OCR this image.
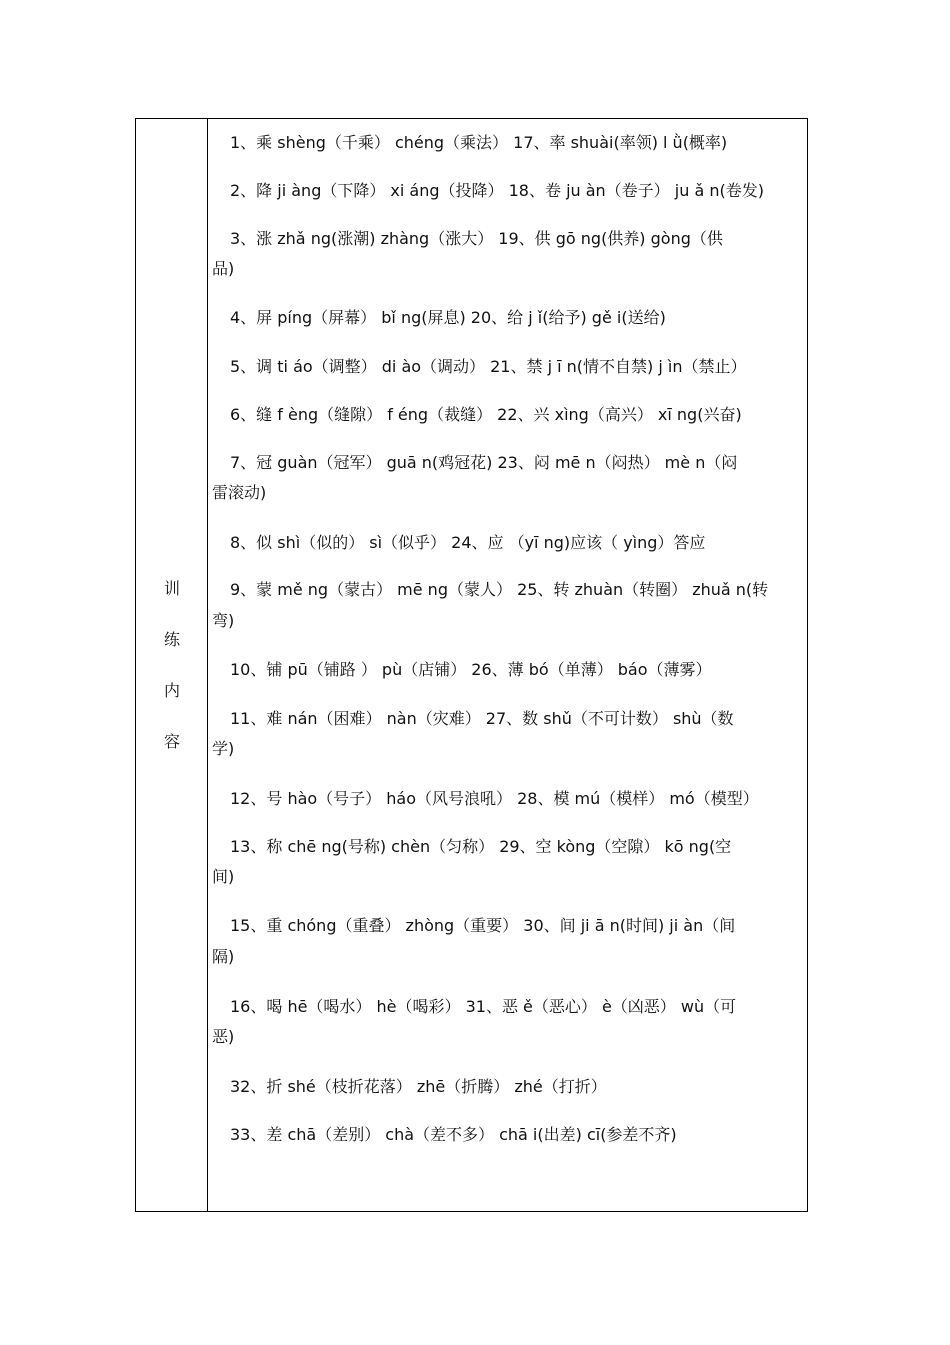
训
练
内
容
1、乘 shèng（千乘） chéng（乘法） 17、率 shuài(率领) l ǜ(概率)
2、降 ji àng（下降） xi áng（投降） 18、卷 ju àn（卷子） ju ǎ n(卷发)
3、涨 zhǎ ng(涨潮) zhàng（涨大） 19、供 gō ng(供养) gòng（供
品)
4、屏 píng（屏幕） bǐ ng(屏息) 20、给 j ǐ(给予) gě i(送给)
5、调 ti áo（调整） di ào（调动） 21、禁 j ī n(情不自禁) j ìn（禁止）
6、缝 f èng（缝隙） f éng（裁缝） 22、兴 xìng（高兴） xī ng(兴奋)
7、冠 guàn（冠军） guā n(鸡冠花) 23、闷 mē n（闷热） mè n（闷
雷滚动)
8、似 shì（似的） sì（似乎） 24、应 （yī ng)应该（ yìng）答应
9、蒙 mě ng（蒙古） mē ng（蒙人） 25、转 zhuàn（转圈） zhuǎ n(转
弯)
10、铺 pū（铺路 ） pù（店铺） 26、薄 bó（单薄） báo（薄雾）
11、难 nán（困难） nàn（灾难） 27、数 shǔ（不可计数） shù（数
学)
12、号 hào（号子） háo（风号浪吼） 28、模 mú（模样） mó（模型）
13、称 chē ng(号称) chèn（匀称） 29、空 kòng（空隙） kō ng(空
间)
15、重 chóng（重叠） zhòng（重要） 30、间 ji ā n(时间) ji àn（间
隔)
16、喝 hē（喝水） hè（喝彩） 31、恶 ě（恶心） è（凶恶） wù（可
恶)
32、折 shé（枝折花落） zhē（折腾） zhé（打折）
33、差 chā（差别） chà（差不多） chā i(出差) cī(参差不齐)
